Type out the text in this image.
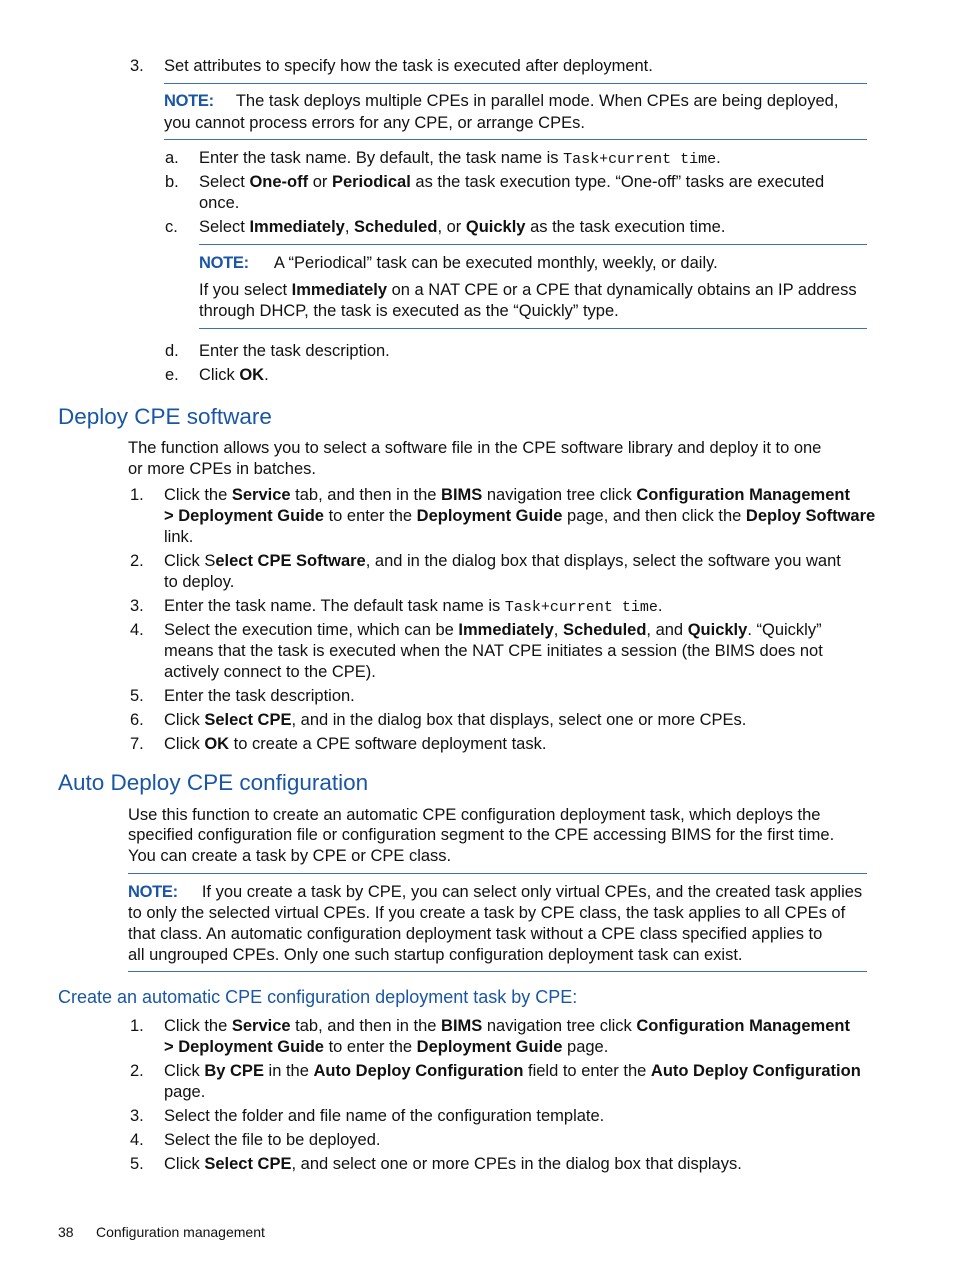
3. Set attributes to specify how the task is executed after deployment.
NOTE: The task deploys multiple CPEs in parallel mode. When CPEs are being deployed,
you cannot process errors for any CPE, or arrange CPEs.
a. Enter the task name. By default, the task name is Task+current time.
b. Select One-off or Periodical as the task execution type. “One-off” tasks are executed
once.
c. Select Immediately, Scheduled, or Quickly as the task execution time.
NOTE: A “Periodical” task can be executed monthly, weekly, or daily.
If you select Immediately on a NAT CPE or a CPE that dynamically obtains an IP address
through DHCP, the task is executed as the “Quickly” type.
d. Enter the task description.
e. Click OK.
Deploy CPE software
The function allows you to select a software file in the CPE software library and deploy it to one
or more CPEs in batches.
1. Click the Service tab, and then in the BIMS navigation tree click Configuration Management
> Deployment Guide to enter the Deployment Guide page, and then click the Deploy Software
link.
2. Click Select CPE Software, and in the dialog box that displays, select the software you want
to deploy.
3. Enter the task name. The default task name is Task+current time.
4. Select the execution time, which can be Immediately, Scheduled, and Quickly. “Quickly”
means that the task is executed when the NAT CPE initiates a session (the BIMS does not
actively connect to the CPE).
5. Enter the task description.
6. Click Select CPE, and in the dialog box that displays, select one or more CPEs.
7. Click OK to create a CPE software deployment task.
Auto Deploy CPE configuration
Use this function to create an automatic CPE configuration deployment task, which deploys the
specified configuration file or configuration segment to the CPE accessing BIMS for the first time.
You can create a task by CPE or CPE class.
NOTE: If you create a task by CPE, you can select only virtual CPEs, and the created task applies
to only the selected virtual CPEs. If you create a task by CPE class, the task applies to all CPEs of
that class. An automatic configuration deployment task without a CPE class specified applies to
all ungrouped CPEs. Only one such startup configuration deployment task can exist.
Create an automatic CPE configuration deployment task by CPE:
1. Click the Service tab, and then in the BIMS navigation tree click Configuration Management
> Deployment Guide to enter the Deployment Guide page.
2. Click By CPE in the Auto Deploy Configuration field to enter the Auto Deploy Configuration
page.
3. Select the folder and file name of the configuration template.
4. Select the file to be deployed.
5. Click Select CPE, and select one or more CPEs in the dialog box that displays.
38 Configuration management
